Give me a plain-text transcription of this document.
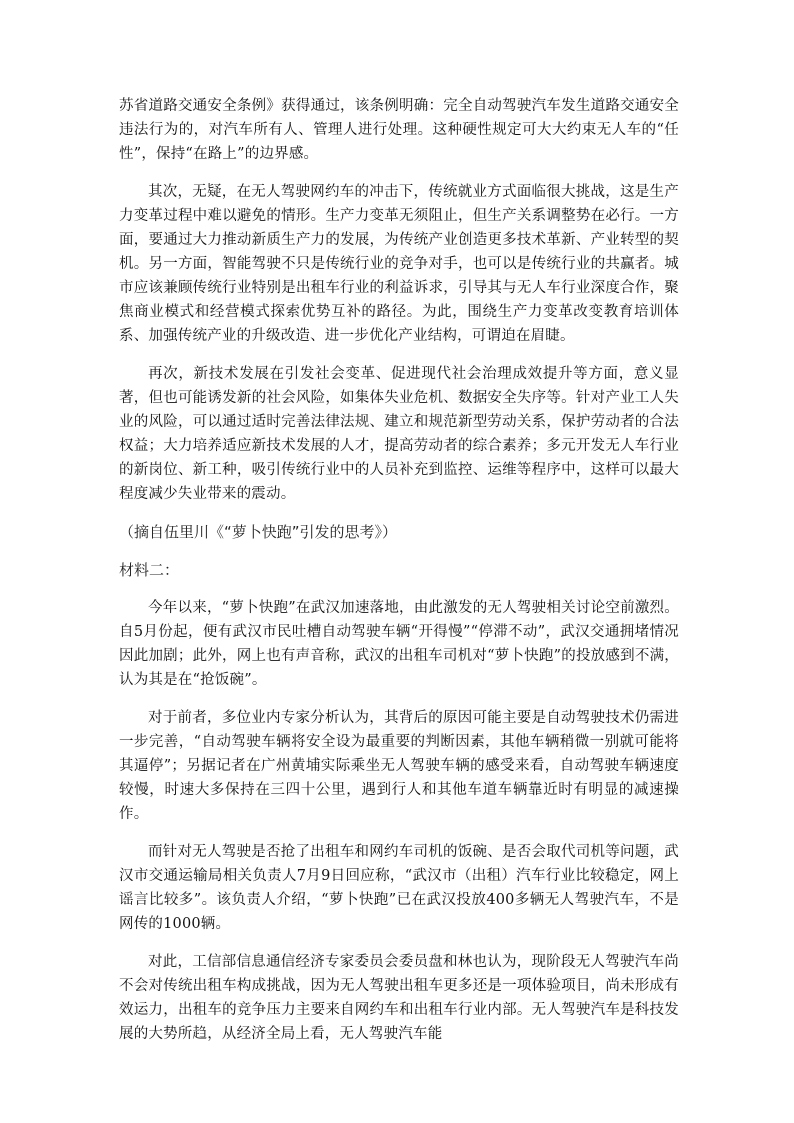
苏省道路交通安全条例》获得通过，该条例明确：完全自动驾驶汽车发生道路交通安全违法行为的，对汽车所有人、管理人进行处理。这种硬性规定可大大约束无人车的“任性”，保持“在路上”的边界感。

其次，无疑，在无人驾驶网约车的冲击下，传统就业方式面临很大挑战，这是生产力变革过程中难以避免的情形。生产力变革无须阻止，但生产关系调整势在必行。一方面，要通过大力推动新质生产力的发展，为传统产业创造更多技术革新、产业转型的契机。另一方面，智能驾驶不只是传统行业的竞争对手，也可以是传统行业的共赢者。城市应该兼顾传统行业特别是出租车行业的利益诉求，引导其与无人车行业深度合作，聚焦商业模式和经营模式探索优势互补的路径。为此，围绕生产力变革改变教育培训体系、加强传统产业的升级改造、进一步优化产业结构，可谓迫在眉睫。

再次，新技术发展在引发社会变革、促进现代社会治理成效提升等方面，意义显著，但也可能诱发新的社会风险，如集体失业危机、数据安全失序等。针对产业工人失业的风险，可以通过适时完善法律法规、建立和规范新型劳动关系，保护劳动者的合法权益；大力培养适应新技术发展的人才，提高劳动者的综合素养；多元开发无人车行业的新岗位、新工种，吸引传统行业中的人员补充到监控、运维等程序中，这样可以最大程度减少失业带来的震动。

（摘自伍里川《“萝卜快跑”引发的思考》）

材料二：

今年以来，“萝卜快跑”在武汉加速落地，由此激发的无人驾驶相关讨论空前激烈。自5月份起，便有武汉市民吐槽自动驾驶车辆“开得慢”“停滞不动”，武汉交通拥堵情况因此加剧；此外，网上也有声音称，武汉的出租车司机对“萝卜快跑”的投放感到不满，认为其是在“抢饭碗”。

对于前者，多位业内专家分析认为，其背后的原因可能主要是自动驾驶技术仍需进一步完善，“自动驾驶车辆将安全设为最重要的判断因素，其他车辆稍微一别就可能将其逼停”；另据记者在广州黄埔实际乘坐无人驾驶车辆的感受来看，自动驾驶车辆速度较慢，时速大多保持在三四十公里，遇到行人和其他车道车辆靠近时有明显的减速操作。

而针对无人驾驶是否抢了出租车和网约车司机的饭碗、是否会取代司机等问题，武汉市交通运输局相关负责人7月9日回应称，“武汉市（出租）汽车行业比较稳定，网上谣言比较多”。该负责人介绍，“萝卜快跑”已在武汉投放400多辆无人驾驶汽车，不是网传的1000辆。

对此，工信部信息通信经济专家委员会委员盘和林也认为，现阶段无人驾驶汽车尚不会对传统出租车构成挑战，因为无人驾驶出租车更多还是一项体验项目，尚未形成有效运力，出租车的竞争压力主要来自网约车和出租车行业内部。无人驾驶汽车是科技发展的大势所趋，从经济全局上看，无人驾驶汽车能
